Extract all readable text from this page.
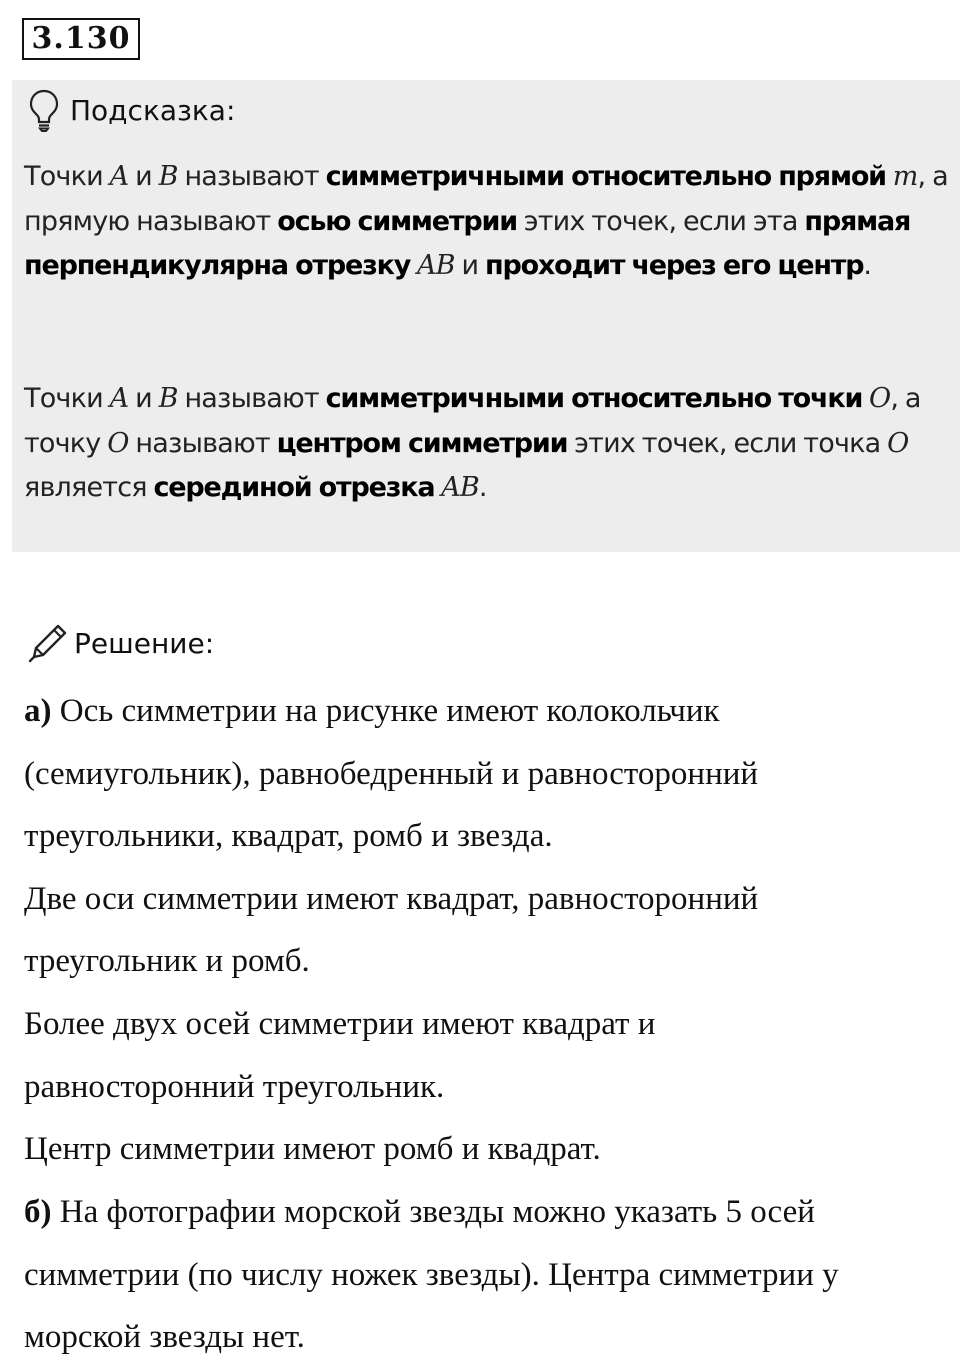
3.130
Подсказка:
Точки A и B называют симметричными относительно прямой m, а прямую называют осью симметрии этих точек, если эта прямая перпендикулярна отрезку AB и проходит через его центр.
Точки A и B называют симметричными относительно точки O, а точку O называют центром симметрии этих точек, если точка O является серединой отрезка AB.
Решение:
а) Ось симметрии на рисунке имеют колокольчик
(семиугольник), равнобедренный и равносторонний
треугольники, квадрат, ромб и звезда.
Две оси симметрии имеют квадрат, равносторонний
треугольник и ромб.
Более двух осей симметрии имеют квадрат и
равносторонний треугольник.
Центр симметрии имеют ромб и квадрат.
б) На фотографии морской звезды можно указать 5 осей
симметрии (по числу ножек звезды). Центра симметрии у
морской звезды нет.
